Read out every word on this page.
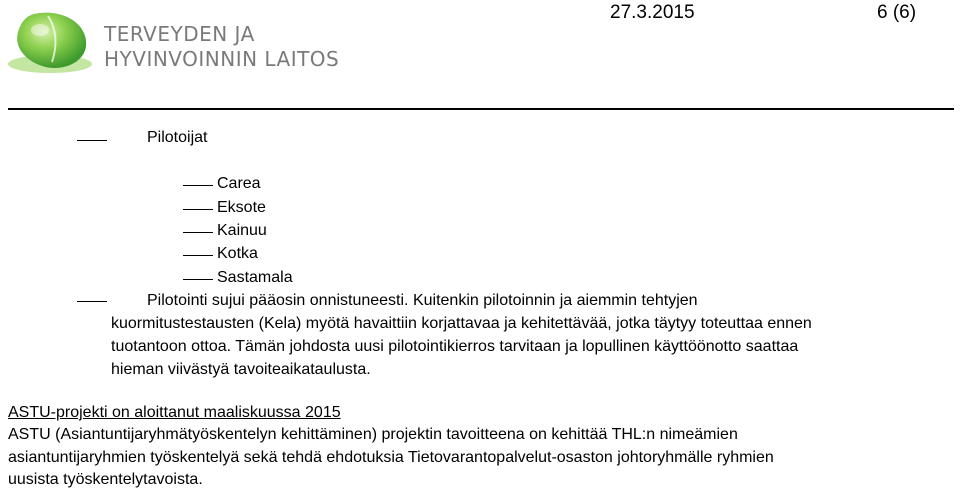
TERVEYDEN JA
HYVINVOINNIN LAITOS
27.3.2015	6 (6)
Pilotoijat
Carea
Eksote
Kainuu
Kotka
Sastamala
Pilotointi sujui pääosin onnistuneesti. Kuitenkin pilotoinnin ja aiemmin tehtyjen
kuormitustestausten (Kela) myötä havaittiin korjattavaa ja kehitettävää, jotka täytyy toteuttaa ennen
tuotantoon ottoa. Tämän johdosta uusi pilotointikierros tarvitaan ja lopullinen käyttöönotto saattaa
hieman viivästyä tavoiteaikataulusta.
ASTU-projekti on aloittanut maaliskuussa 2015
ASTU (Asiantuntijaryhmätyöskentelyn kehittäminen) projektin tavoitteena on kehittää THL:n nimeämien
asiantuntijaryhmien työskentelyä sekä tehdä ehdotuksia Tietovarantopalvelut-osaston johtoryhmälle ryhmien
uusista työskentelytavoista.
